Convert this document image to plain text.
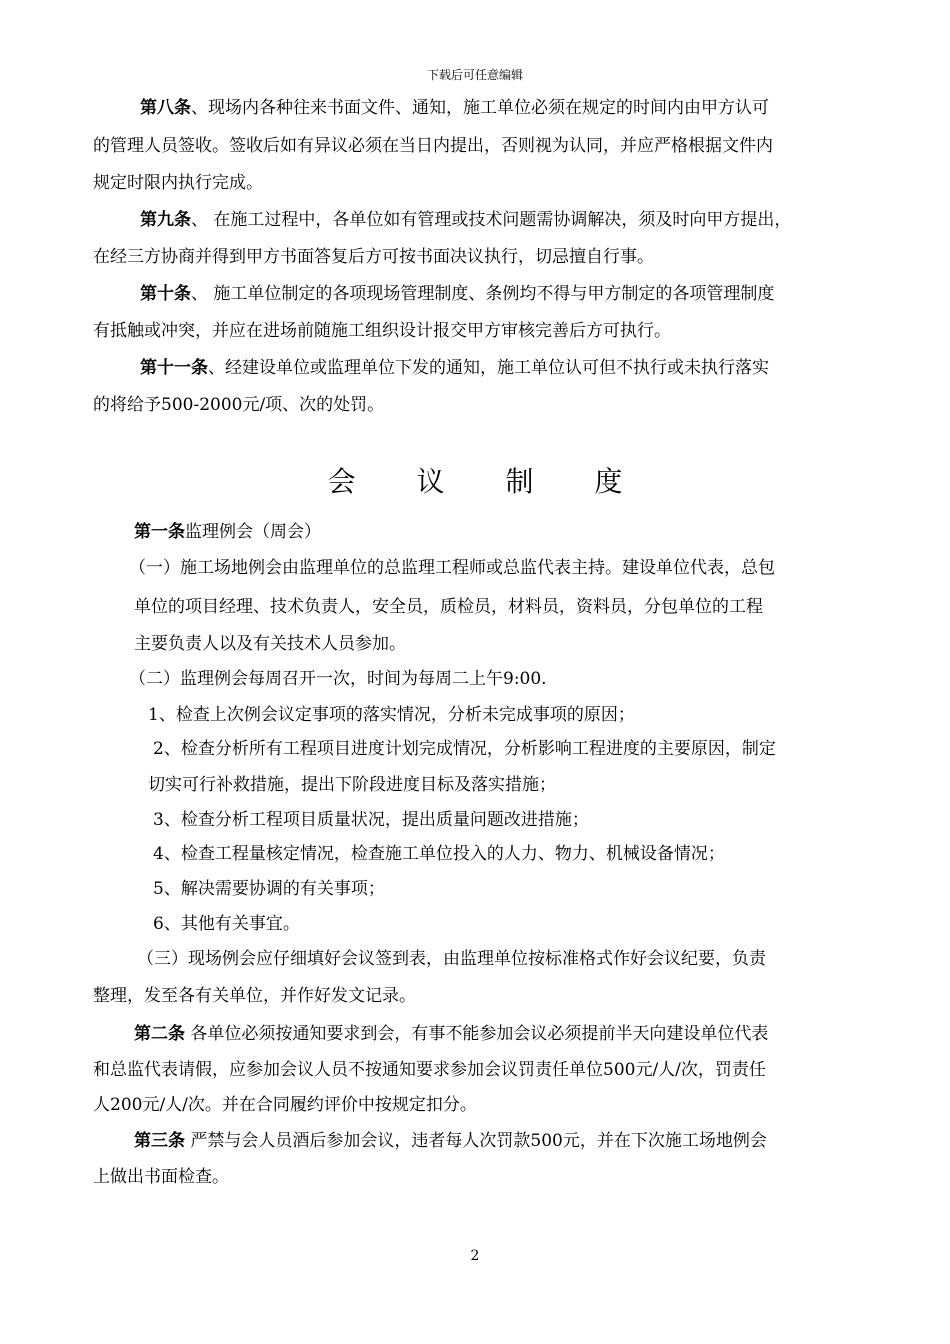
下载后可任意编辑
第八条、现场内各种往来书面文件、通知，施工单位必须在规定的时间内由甲方认可
的管理人员签收。签收后如有异议必须在当日内提出，否则视为认同，并应严格根据文件内
规定时限内执行完成。
第九条、 在施工过程中，各单位如有管理或技术问题需协调解决，须及时向甲方提出，
在经三方协商并得到甲方书面答复后方可按书面决议执行，切忌擅自行事。
第十条、 施工单位制定的各项现场管理制度、条例均不得与甲方制定的各项管理制度
有抵触或冲突，并应在进场前随施工组织设计报交甲方审核完善后方可执行。
第十一条、经建设单位或监理单位下发的通知，施工单位认可但不执行或未执行落实
的将给予500-2000元/项、次的处罚。
会 议 制 度
第一条监理例会（周会）
（一）施工场地例会由监理单位的总监理工程师或总监代表主持。建设单位代表，总包
单位的项目经理、技术负责人，安全员，质检员，材料员，资料员，分包单位的工程
主要负责人以及有关技术人员参加。
（二）监理例会每周召开一次，时间为每周二上午9:00.
1、检查上次例会议定事项的落实情况，分析未完成事项的原因；
2、检查分析所有工程项目进度计划完成情况，分析影响工程进度的主要原因，制定
切实可行补救措施，提出下阶段进度目标及落实措施；
3、检查分析工程项目质量状况，提出质量问题改进措施；
4、检查工程量核定情况，检查施工单位投入的人力、物力、机械设备情况；
5、解决需要协调的有关事项；
6、其他有关事宜。
（三）现场例会应仔细填好会议签到表，由监理单位按标准格式作好会议纪要，负责
整理，发至各有关单位，并作好发文记录。
第二条 各单位必须按通知要求到会，有事不能参加会议必须提前半天向建设单位代表
和总监代表请假，应参加会议人员不按通知要求参加会议罚责任单位500元/人/次，罚责任
人200元/人/次。并在合同履约评价中按规定扣分。
第三条 严禁与会人员酒后参加会议，违者每人次罚款500元，并在下次施工场地例会
上做出书面检查。
2
